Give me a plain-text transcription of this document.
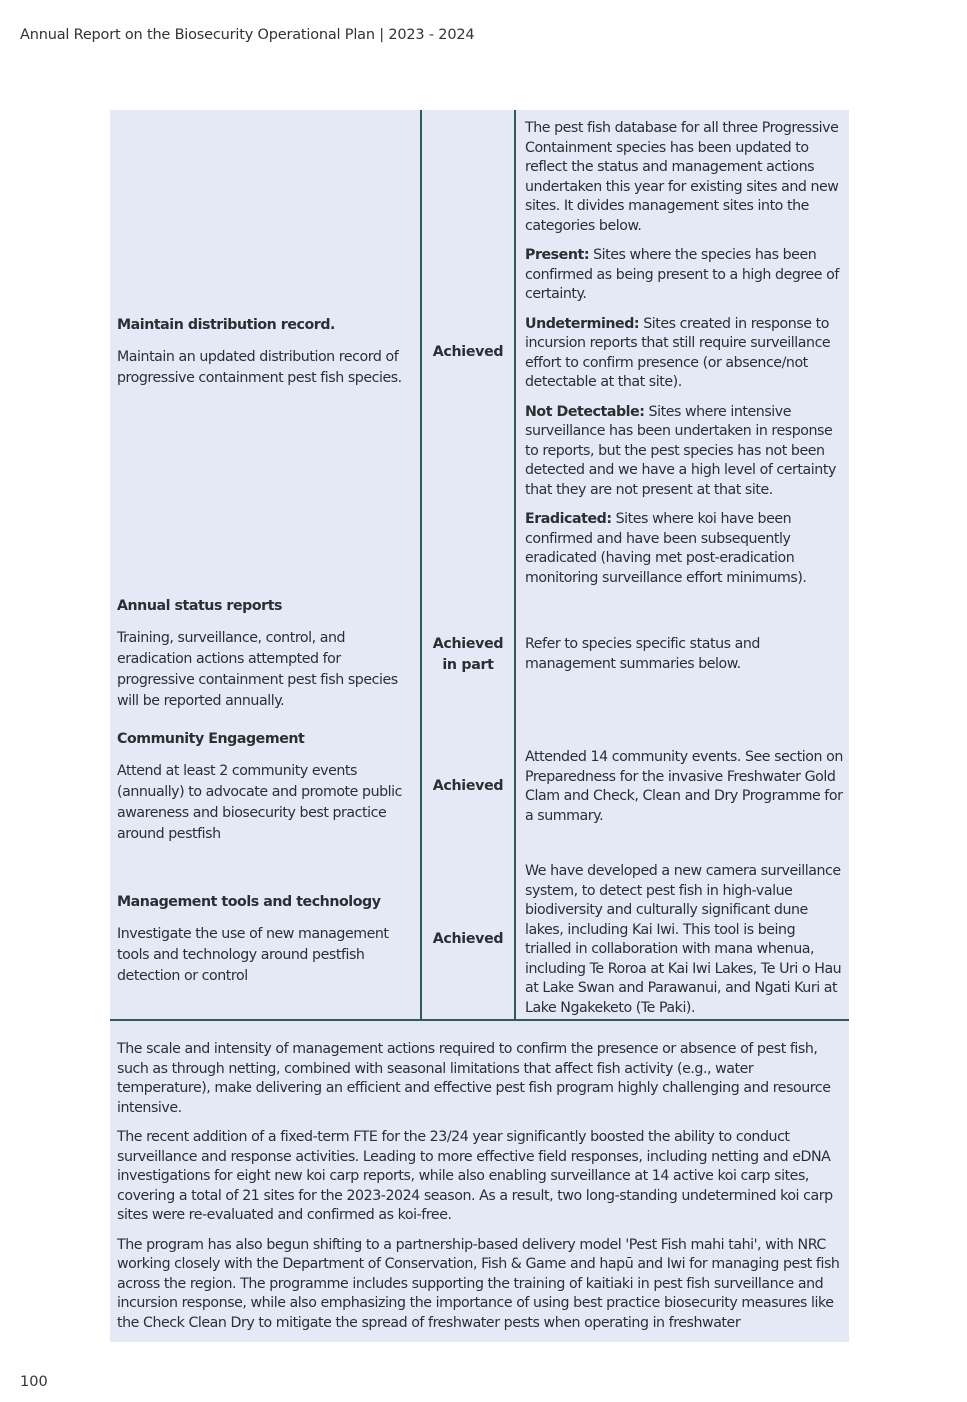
Annual Report on the Biosecurity Operational Plan | 2023 - 2024

Maintain distribution record.

Maintain an updated distribution record of progressive containment pest fish species.

Achieved

The pest fish database for all three Progressive Containment species has been updated to reflect the status and management actions undertaken this year for existing sites and new sites. It divides management sites into the categories below.

Present: Sites where the species has been confirmed as being present to a high degree of certainty.

Undetermined: Sites created in response to incursion reports that still require surveillance effort to confirm presence (or absence/not detectable at that site).

Not Detectable: Sites where intensive surveillance has been undertaken in response to reports, but the pest species has not been detected and we have a high level of certainty that they are not present at that site.

Eradicated: Sites where koi have been confirmed and have been subsequently eradicated (having met post-eradication monitoring surveillance effort minimums).

Annual status reports

Training, surveillance, control, and eradication actions attempted for progressive containment pest fish species will be reported annually.

Achieved
in part

Refer to species specific status and management summaries below.

Community Engagement

Attend at least 2 community events (annually) to advocate and promote public awareness and biosecurity best practice around pestfish

Achieved

Attended 14 community events. See section on Preparedness for the invasive Freshwater Gold Clam and Check, Clean and Dry Programme for a summary.

Management tools and technology

Investigate the use of new management tools and technology around pestfish detection or control

Achieved

We have developed a new camera surveillance system, to detect pest fish in high-value biodiversity and culturally significant dune lakes, including Kai Iwi. This tool is being trialled in collaboration with mana whenua, including Te Roroa at Kai Iwi Lakes, Te Uri o Hau at Lake Swan and Parawanui, and Ngati Kuri at Lake Ngakeketo (Te Paki).

The scale and intensity of management actions required to confirm the presence or absence of pest fish, such as through netting, combined with seasonal limitations that affect fish activity (e.g., water temperature), make delivering an efficient and effective pest fish program highly challenging and resource intensive.

The recent addition of a fixed-term FTE for the 23/24 year significantly boosted the ability to conduct surveillance and response activities. Leading to more effective field responses, including netting and eDNA investigations for eight new koi carp reports, while also enabling surveillance at 14 active koi carp sites, covering a total of 21 sites for the 2023-2024 season. As a result, two long-standing undetermined koi carp sites were re-evaluated and confirmed as koi-free.

The program has also begun shifting to a partnership-based delivery model 'Pest Fish mahi tahi', with NRC working closely with the Department of Conservation, Fish & Game and hapū and Iwi for managing pest fish across the region. The programme includes supporting the training of kaitiaki in pest fish surveillance and incursion response, while also emphasizing the importance of using best practice biosecurity measures like the Check Clean Dry to mitigate the spread of freshwater pests when operating in freshwater

100
